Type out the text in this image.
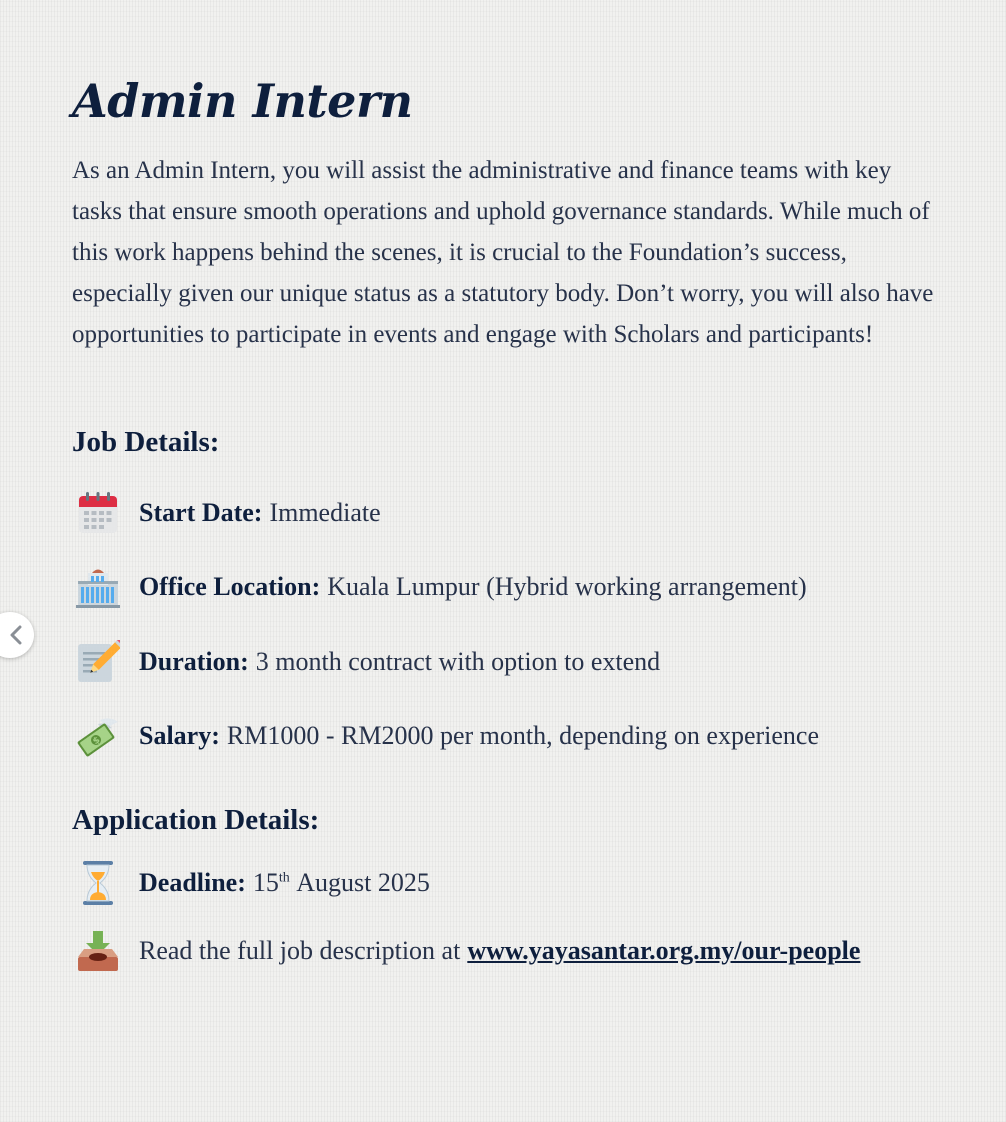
Admin Intern

As an Admin Intern, you will assist the administrative and finance teams with key tasks that ensure smooth operations and uphold governance standards. While much of this work happens behind the scenes, it is crucial to the Foundation’s success, especially given our unique status as a statutory body. Don’t worry, you will also have opportunities to participate in events and engage with Scholars and participants!

Job Details:
Start Date: Immediate
Office Location: Kuala Lumpur (Hybrid working arrangement)
Duration: 3 month contract with option to extend
$ Salary: RM1000 - RM2000 per month, depending on experience
Application Details:
Deadline: 15th August 2025
Read the full job description at www.yayasantar.org.my/our-people
